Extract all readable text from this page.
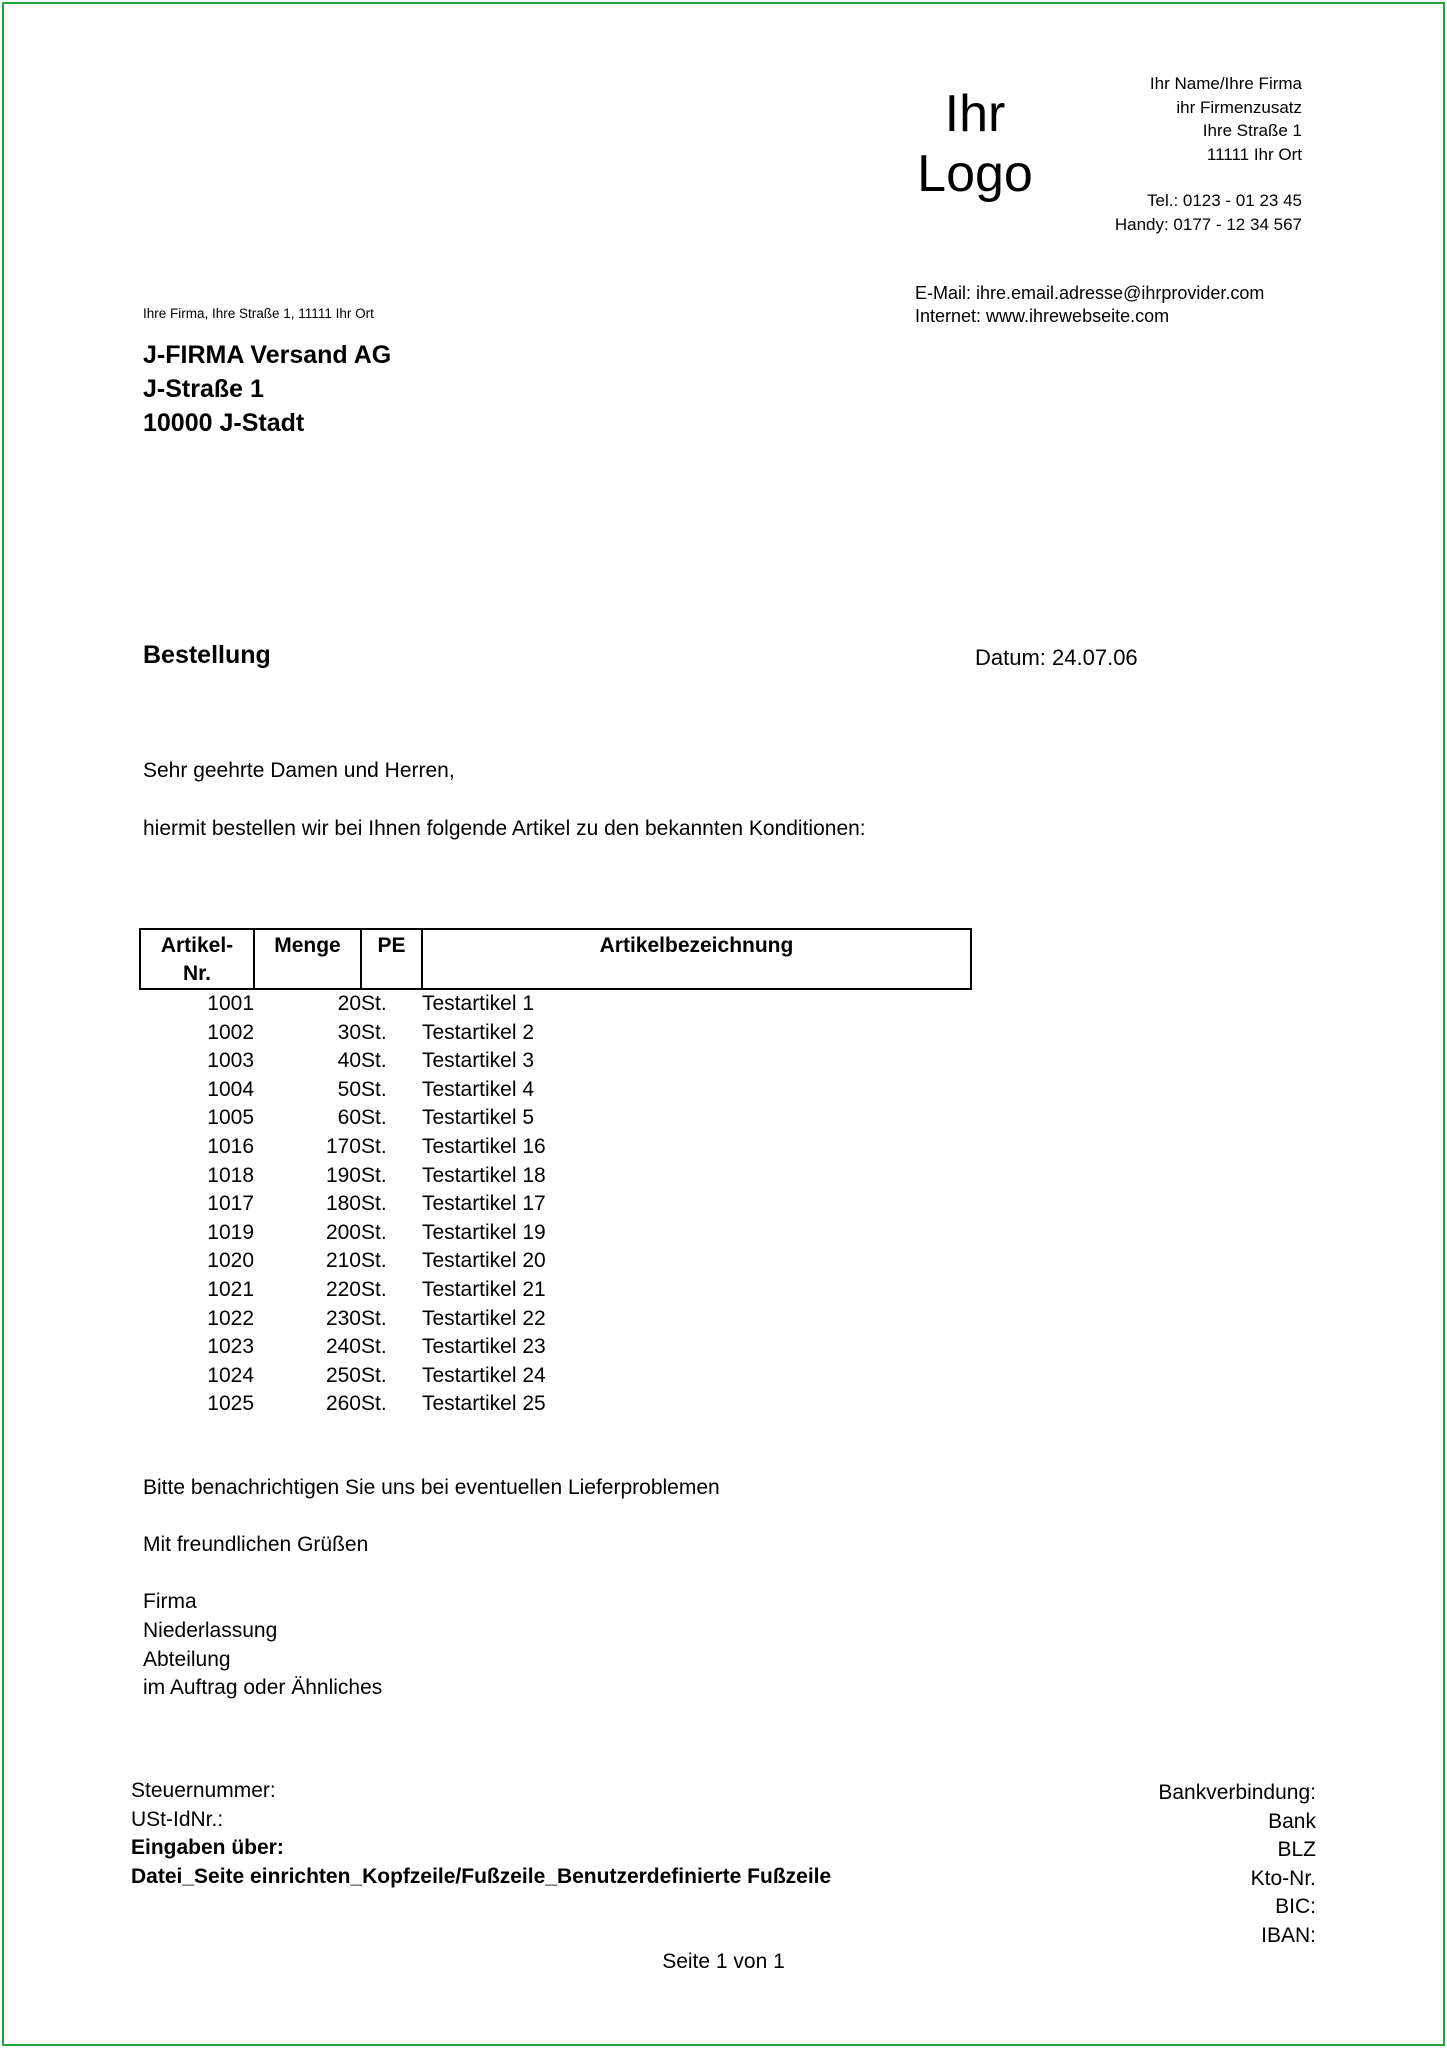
Ihr
Logo
Ihr Name/Ihre Firma
ihr Firmenzusatz
Ihre Straße 1
11111 Ihr Ort
Tel.: 0123 - 01 23 45
Handy: 0177 - 12 34 567
E-Mail: ihre.email.adresse@ihrprovider.com
Internet: www.ihrewebseite.com
Ihre Firma, Ihre Straße 1, 11111 Ihr Ort
J-FIRMA Versand AG
J-Straße 1
10000 J-Stadt
Bestellung	Datum: 24.07.06
Sehr geehrte Damen und Herren,
hiermit bestellen wir bei Ihnen folgende Artikel zu den bekannten Konditionen:
Artikel-
Nr.	Menge	PE	Artikelbezeichnung
1001	20	St.	Testartikel 1
1002	30	St.	Testartikel 2
1003	40	St.	Testartikel 3
1004	50	St.	Testartikel 4
1005	60	St.	Testartikel 5
1016	170	St.	Testartikel 16
1018	190	St.	Testartikel 18
1017	180	St.	Testartikel 17
1019	200	St.	Testartikel 19
1020	210	St.	Testartikel 20
1021	220	St.	Testartikel 21
1022	230	St.	Testartikel 22
1023	240	St.	Testartikel 23
1024	250	St.	Testartikel 24
1025	260	St.	Testartikel 25
Bitte benachrichtigen Sie uns bei eventuellen Lieferproblemen
Mit freundlichen Grüßen
Firma
Niederlassung
Abteilung
im Auftrag oder Ähnliches
Steuernummer:
USt-IdNr.:
Eingaben über:
Datei_Seite einrichten_Kopfzeile/Fußzeile_Benutzerdefinierte Fußzeile
Bankverbindung:
Bank
BLZ
Kto-Nr.
BIC:
IBAN:
Seite 1 von 1
